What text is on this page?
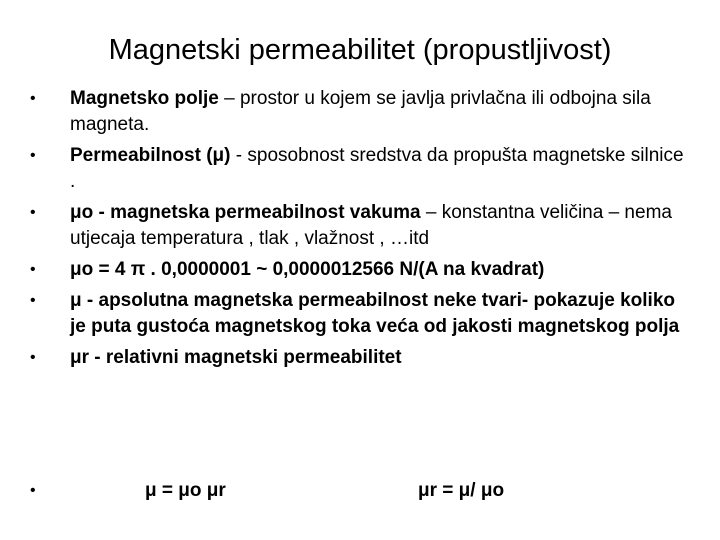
Magnetski permeabilitet (propustljivost)
•	Magnetsko polje – prostor u kojem se javlja privlačna ili odbojna sila magneta.
•	Permeabilnost (μ) - sposobnost sredstva da propušta magnetske silnice .
•	μo - magnetska permeabilnost vakuma – konstantna veličina – nema utjecaja temperatura , tlak , vlažnost , …itd
•	μo = 4 π . 0,0000001 ~ 0,0000012566 N/(A na kvadrat)
•	μ - apsolutna magnetska permeabilnost neke tvari- pokazuje koliko je puta gustoća magnetskog toka veća od jakosti magnetskog polja
•	μr - relativni magnetski permeabilitet
•	μ = μo μr	μr = μ/ μo
